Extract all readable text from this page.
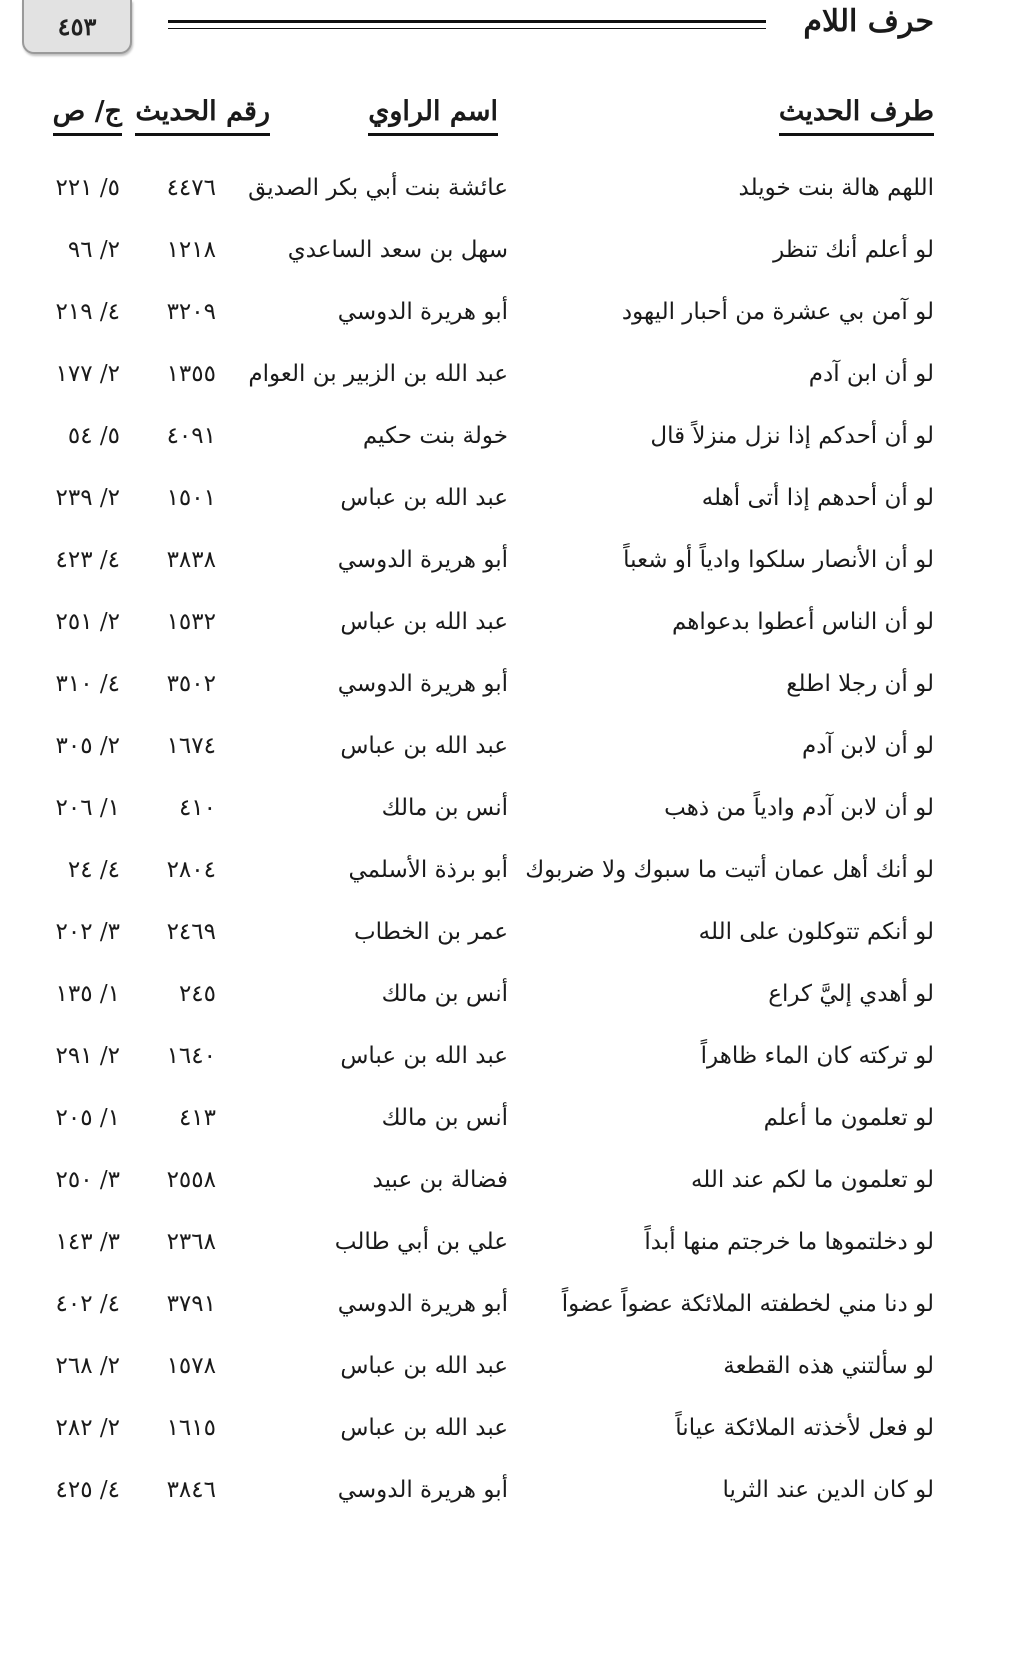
٤٥٣	حرف اللام
طرف الحديث
اسم الراوي
رقم الحديث
ج/ ص
اللهم هالة بنت خويلد
عائشة بنت أبي بكر الصديق
٤٤٧٦
٥/ ٢٢١
لو أعلم أنك تنظر
سهل بن سعد الساعدي
١٢١٨
٢/ ٩٦
لو آمن بي عشرة من أحبار اليهود
أبو هريرة الدوسي
٣٢٠٩
٤/ ٢١٩
لو أن ابن آدم
عبد الله بن الزبير بن العوام
١٣٥٥
٢/ ١٧٧
لو أن أحدكم إذا نزل منزلاً قال
خولة بنت حكيم
٤٠٩١
٥/ ٥٤
لو أن أحدهم إذا أتى أهله
عبد الله بن عباس
١٥٠١
٢/ ٢٣٩
لو أن الأنصار سلكوا وادياً أو شعباً
أبو هريرة الدوسي
٣٨٣٨
٤/ ٤٢٣
لو أن الناس أعطوا بدعواهم
عبد الله بن عباس
١٥٣٢
٢/ ٢٥١
لو أن رجلا اطلع
أبو هريرة الدوسي
٣٥٠٢
٤/ ٣١٠
لو أن لابن آدم
عبد الله بن عباس
١٦٧٤
٢/ ٣٠٥
لو أن لابن آدم وادياً من ذهب
أنس بن مالك
٤١٠
١/ ٢٠٦
لو أنك أهل عمان أتيت ما سبوك ولا ضربوك
أبو برذة الأسلمي
٢٨٠٤
٤/ ٢٤
لو أنكم تتوكلون على الله
عمر بن الخطاب
٢٤٦٩
٣/ ٢٠٢
لو أهدي إليَّ كراع
أنس بن مالك
٢٤٥
١/ ١٣٥
لو تركته كان الماء ظاهراً
عبد الله بن عباس
١٦٤٠
٢/ ٢٩١
لو تعلمون ما أعلم
أنس بن مالك
٤١٣
١/ ٢٠٥
لو تعلمون ما لكم عند الله
فضالة بن عبيد
٢٥٥٨
٣/ ٢٥٠
لو دخلتموها ما خرجتم منها أبداً
علي بن أبي طالب
٢٣٦٨
٣/ ١٤٣
لو دنا مني لخطفته الملائكة عضواً عضواً
أبو هريرة الدوسي
٣٧٩١
٤/ ٤٠٢
لو سألتني هذه القطعة
عبد الله بن عباس
١٥٧٨
٢/ ٢٦٨
لو فعل لأخذته الملائكة عياناً
عبد الله بن عباس
١٦١٥
٢/ ٢٨٢
لو كان الدين عند الثريا
أبو هريرة الدوسي
٣٨٤٦
٤/ ٤٢٥
